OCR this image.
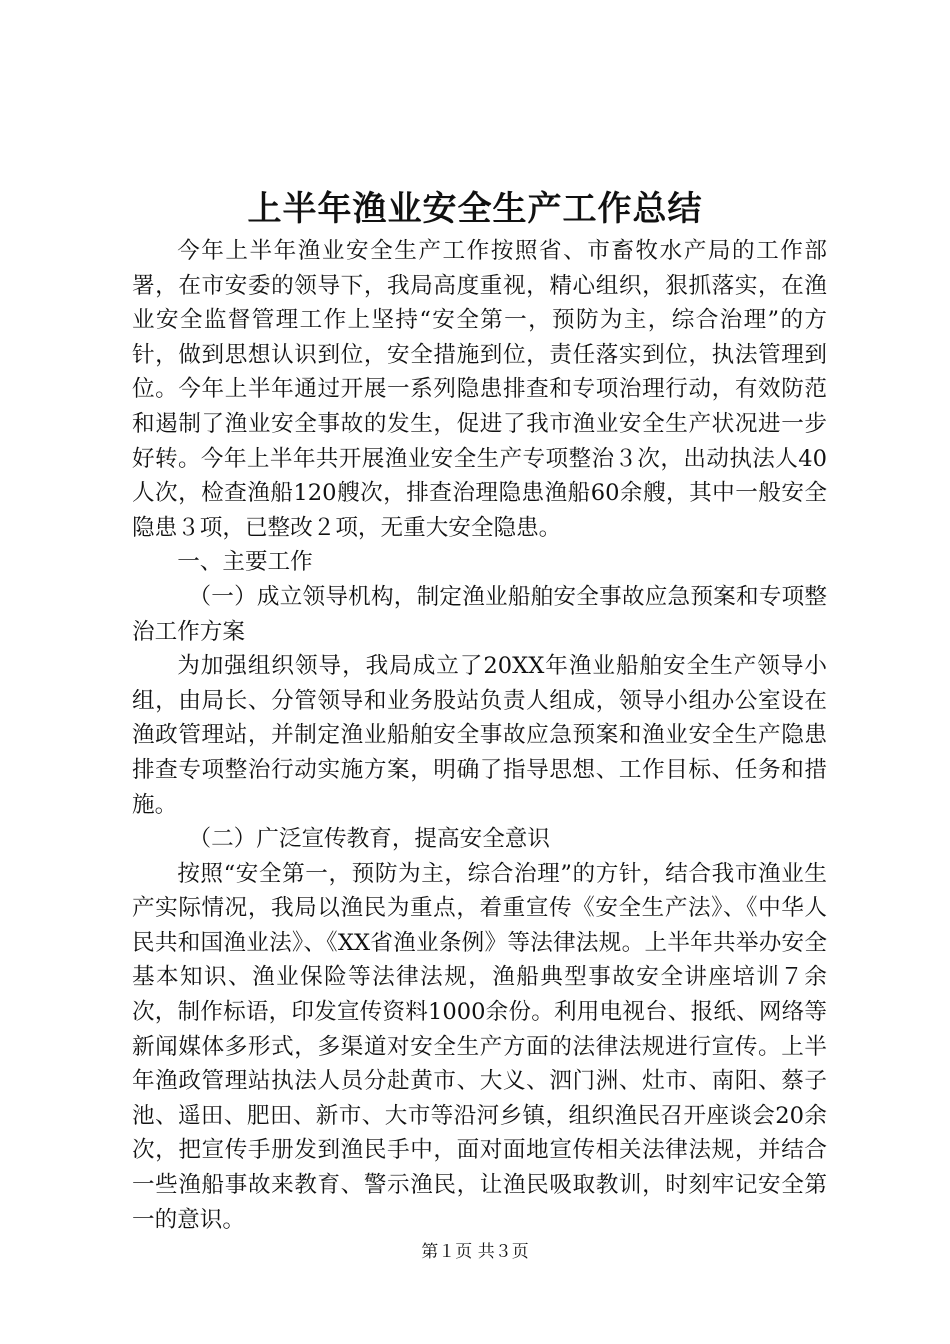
上半年渔业安全生产工作总结

今年上半年渔业安全生产工作按照省、市畜牧水产局的工作部署，在市安委的领导下，我局高度重视，精心组织，狠抓落实，在渔业安全监督管理工作上坚持“安全第一，预防为主，综合治理”的方针，做到思想认识到位，安全措施到位，责任落实到位，执法管理到位。今年上半年通过开展一系列隐患排查和专项治理行动，有效防范和遏制了渔业安全事故的发生，促进了我市渔业安全生产状况进一步好转。今年上半年共开展渔业安全生产专项整治３次，出动执法人40人次，检查渔船120艘次，排查治理隐患渔船60余艘，其中一般安全隐患３项，已整改２项，无重大安全隐患。

一、主要工作

（一）成立领导机构，制定渔业船舶安全事故应急预案和专项整治工作方案

为加强组织领导，我局成立了20XX年渔业船舶安全生产领导小组，由局长、分管领导和业务股站负责人组成，领导小组办公室设在渔政管理站，并制定渔业船舶安全事故应急预案和渔业安全生产隐患排查专项整治行动实施方案，明确了指导思想、工作目标、任务和措施。

（二）广泛宣传教育，提高安全意识

按照“安全第一，预防为主，综合治理”的方针，结合我市渔业生产实际情况，我局以渔民为重点，着重宣传《安全生产法》、《中华人民共和国渔业法》、《XX省渔业条例》等法律法规。上半年共举办安全基本知识、渔业保险等法律法规，渔船典型事故安全讲座培训７余次，制作标语，印发宣传资料1000余份。利用电视台、报纸、网络等新闻媒体多形式，多渠道对安全生产方面的法律法规进行宣传。上半年渔政管理站执法人员分赴黄市、大义、泗门洲、灶市、南阳、蔡子池、遥田、肥田、新市、大市等沿河乡镇，组织渔民召开座谈会20余次，把宣传手册发到渔民手中，面对面地宣传相关法律法规，并结合一些渔船事故来教育、警示渔民，让渔民吸取教训，时刻牢记安全第一的意识。

第１页 共３页
